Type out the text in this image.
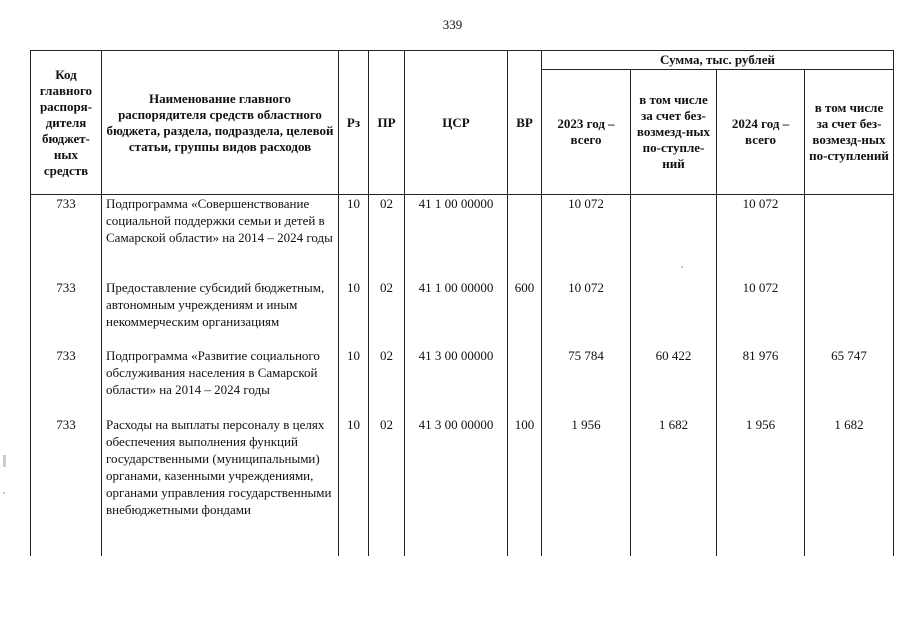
339
Код главного распоря-дителя бюджет-ных средств	Наименование главного распорядителя средств областного бюджета, раздела, подраздела, целевой статьи, группы видов расходов	Рз	ПР	ЦСР	ВР	Сумма, тыс. рублей			
						2023 год – всего	в том числе за счет без-возмезд-ных по-ступле-ний	2024 год – всего	в том числе за счет без-возмезд-ных по-ступлений
733	Подпрограмма «Совершенствование социальной поддержки семьи и детей в Самарской области» на 2014 – 2024 годы	10	02	41 1 00 00000		10 072		10 072	
733	Предоставление субсидий бюджетным, автономным учреждениям и иным некоммерческим организациям	10	02	41 1 00 00000	600	10 072		10 072	
733	Подпрограмма «Развитие социального обслуживания населения в Самарской области» на 2014 – 2024 годы	10	02	41 3 00 00000		75 784	60 422	81 976	65 747
733	Расходы на выплаты персоналу в целях обеспечения выполнения функций государственными (муниципальными) органами, казенными учреждениями, органами управления государственными внебюджетными фондами	10	02	41 3 00 00000	100	1 956	1 682	1 956	1 682
